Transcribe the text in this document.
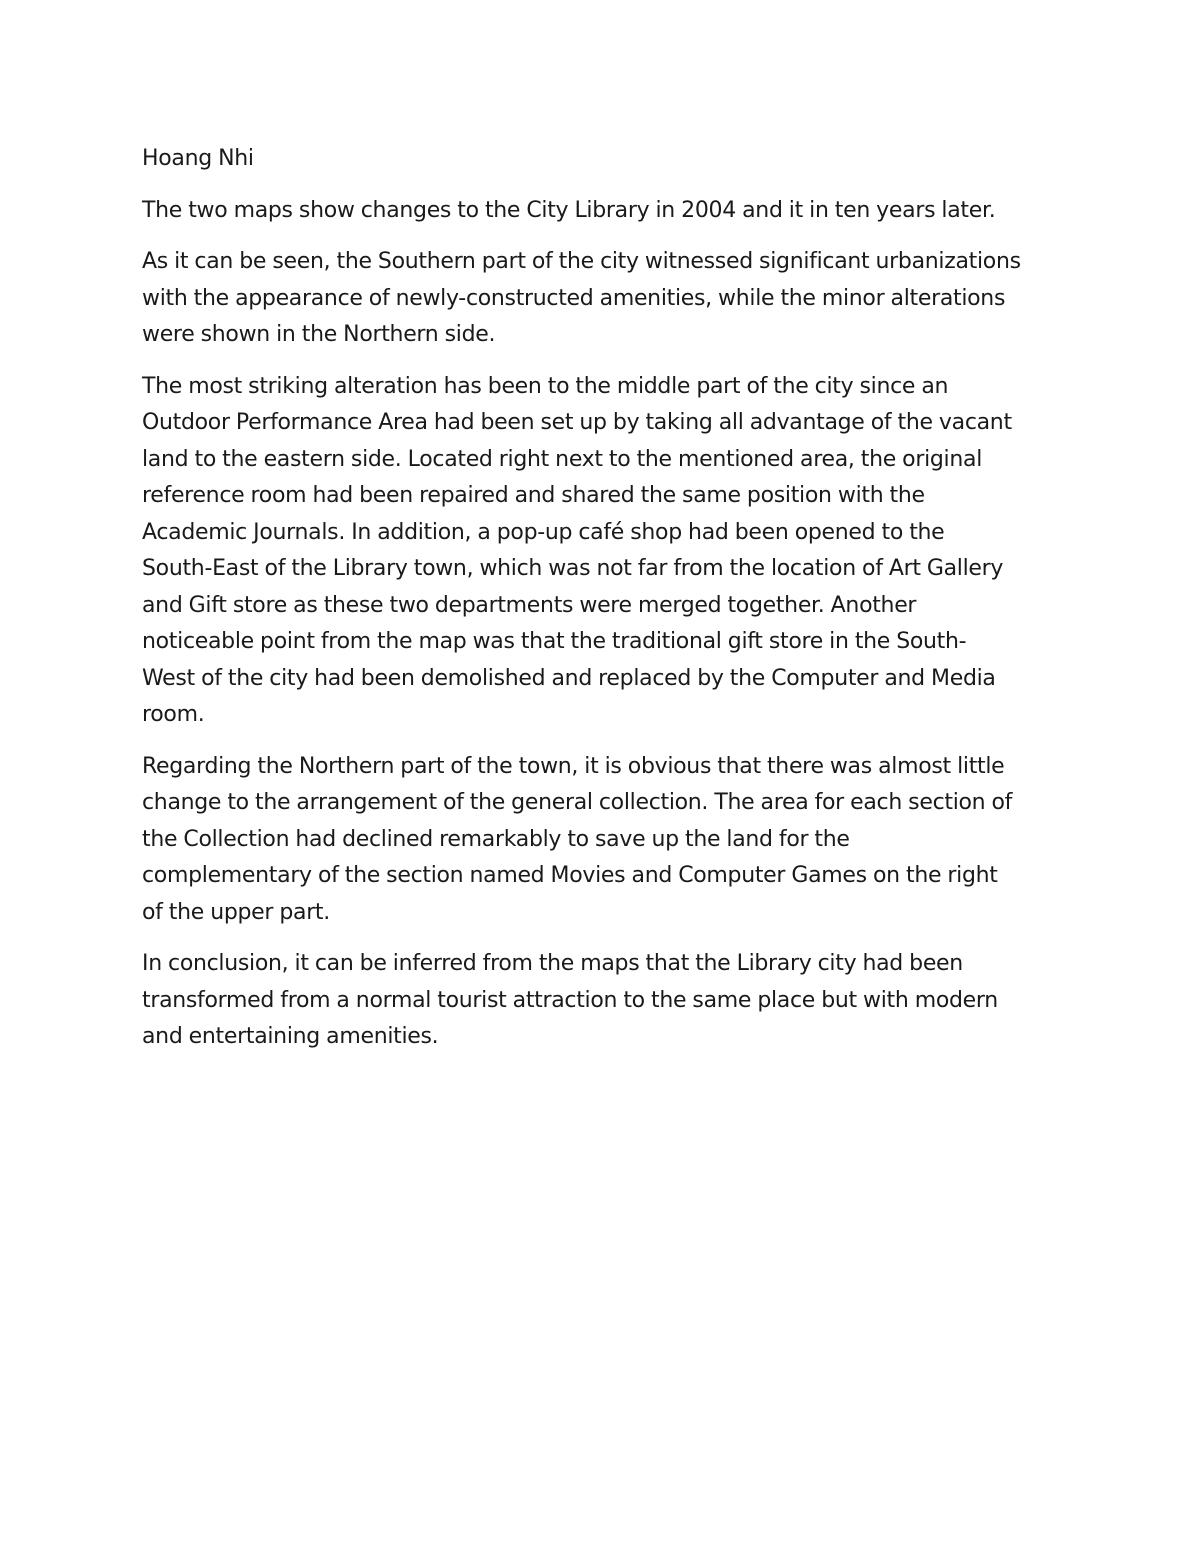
Hoang Nhi

The two maps show changes to the City Library in 2004 and it in ten years later.

As it can be seen, the Southern part of the city witnessed significant urbanizations
with the appearance of newly-constructed amenities, while the minor alterations
were shown in the Northern side.

The most striking alteration has been to the middle part of the city since an
Outdoor Performance Area had been set up by taking all advantage of the vacant
land to the eastern side. Located right next to the mentioned area, the original
reference room had been repaired and shared the same position with the
Academic Journals. In addition, a pop-up café shop had been opened to the
South-East of the Library town, which was not far from the location of Art Gallery
and Gift store as these two departments were merged together. Another
noticeable point from the map was that the traditional gift store in the South-
West of the city had been demolished and replaced by the Computer and Media
room.

Regarding the Northern part of the town, it is obvious that there was almost little
change to the arrangement of the general collection. The area for each section of
the Collection had declined remarkably to save up the land for the
complementary of the section named Movies and Computer Games on the right
of the upper part.

In conclusion, it can be inferred from the maps that the Library city had been
transformed from a normal tourist attraction to the same place but with modern
and entertaining amenities.
